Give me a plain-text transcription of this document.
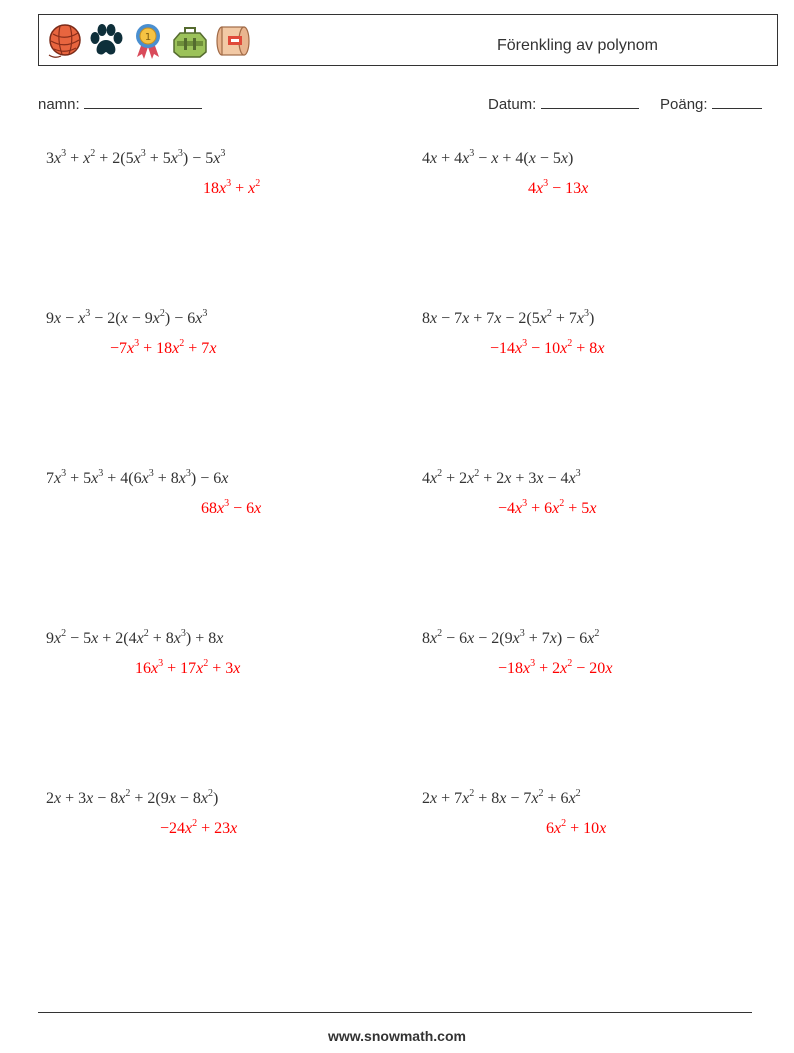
1	Förenkling av polynom
namn:	Datum:	Poäng:
$3x^3 + x^2 + 2(5x^3 + 5x^3) - 5x^3$
$18x^3 + x^2$
$4x + 4x^3 - x + 4(x - 5x)$
$4x^3 - 13x$
$9x - x^3 - 2(x - 9x^2) - 6x^3$
$-7x^3 + 18x^2 + 7x$
$8x - 7x + 7x - 2(5x^2 + 7x^3)$
$-14x^3 - 10x^2 + 8x$
$7x^3 + 5x^3 + 4(6x^3 + 8x^3) - 6x$
$68x^3 - 6x$
$4x^2 + 2x^2 + 2x + 3x - 4x^3$
$-4x^3 + 6x^2 + 5x$
$9x^2 - 5x + 2(4x^2 + 8x^3) + 8x$
$16x^3 + 17x^2 + 3x$
$8x^2 - 6x - 2(9x^3 + 7x) - 6x^2$
$-18x^3 + 2x^2 - 20x$
$2x + 3x - 8x^2 + 2(9x - 8x^2)$
$-24x^2 + 23x$
$2x + 7x^2 + 8x - 7x^2 + 6x^2$
$6x^2 + 10x$
www.snowmath.com
